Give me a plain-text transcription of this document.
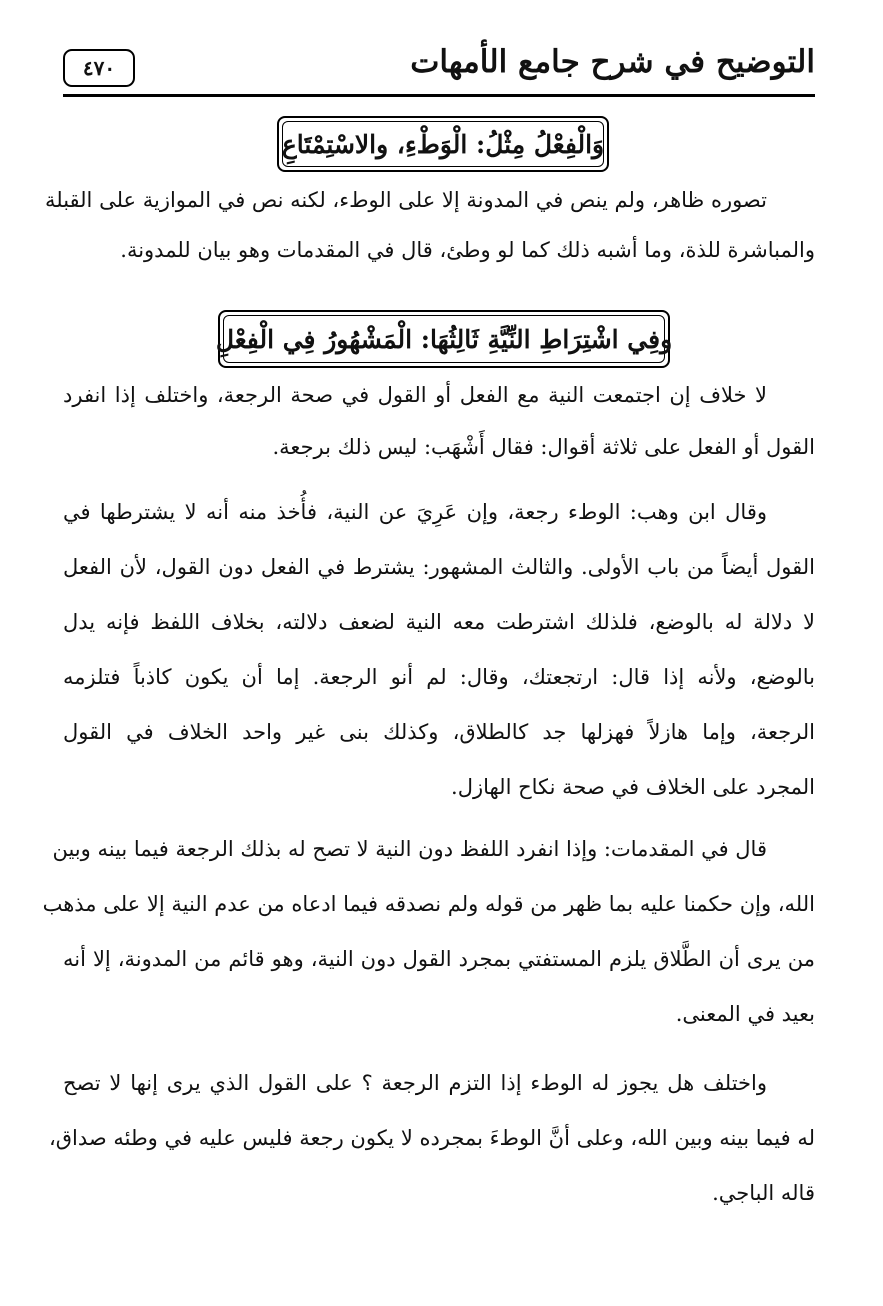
التوضيح في شرح جامع الأمهات
٤٧٠
وَالْفِعْلُ مِثْلُ: الْوَطْءِ، والاسْتِمْتَاعِ
تصوره ظاهر، ولم ينص في المدونة إلا على الوطء، لكنه نص في الموازية على القبلة
والمباشرة للذة، وما أشبه ذلك كما لو وطئ، قال في المقدمات وهو بيان للمدونة.
وفِي اشْتِرَاطِ النِّيَّةِ ثَالِثُهَا: الْمَشْهُورُ فِي الْفِعْلِ
لا خلاف إن اجتمعت النية مع الفعل أو القول في صحة الرجعة، واختلف إذا انفرد
القول أو الفعل على ثلاثة أقوال: فقال أَشْهَب: ليس ذلك برجعة.
وقال ابن وهب: الوطء رجعة، وإن عَرِيَ عن النية، فأُخذ منه أنه لا يشترطها في
القول أيضاً من باب الأولى. والثالث المشهور: يشترط في الفعل دون القول، لأن الفعل
لا دلالة له بالوضع، فلذلك اشترطت معه النية لضعف دلالته، بخلاف اللفظ فإنه يدل
بالوضع، ولأنه إذا قال: ارتجعتك، وقال: لم أنو الرجعة. إما أن يكون كاذباً فتلزمه
الرجعة، وإما هازلاً فهزلها جد كالطلاق، وكذلك بنى غير واحد الخلاف في القول
المجرد على الخلاف في صحة نكاح الهازل.
قال في المقدمات: وإذا انفرد اللفظ دون النية لا تصح له بذلك الرجعة فيما بينه وبين
الله، وإن حكمنا عليه بما ظهر من قوله ولم نصدقه فيما ادعاه من عدم النية إلا على مذهب
من يرى أن الطَّلاق يلزم المستفتي بمجرد القول دون النية، وهو قائم من المدونة، إلا أنه
بعيد في المعنى.
واختلف هل يجوز له الوطء إذا التزم الرجعة ؟ على القول الذي يرى إنها لا تصح
له فيما بينه وبين الله، وعلى أنَّ الوطءَ بمجرده لا يكون رجعة فليس عليه في وطئه صداق،
قاله الباجي.
